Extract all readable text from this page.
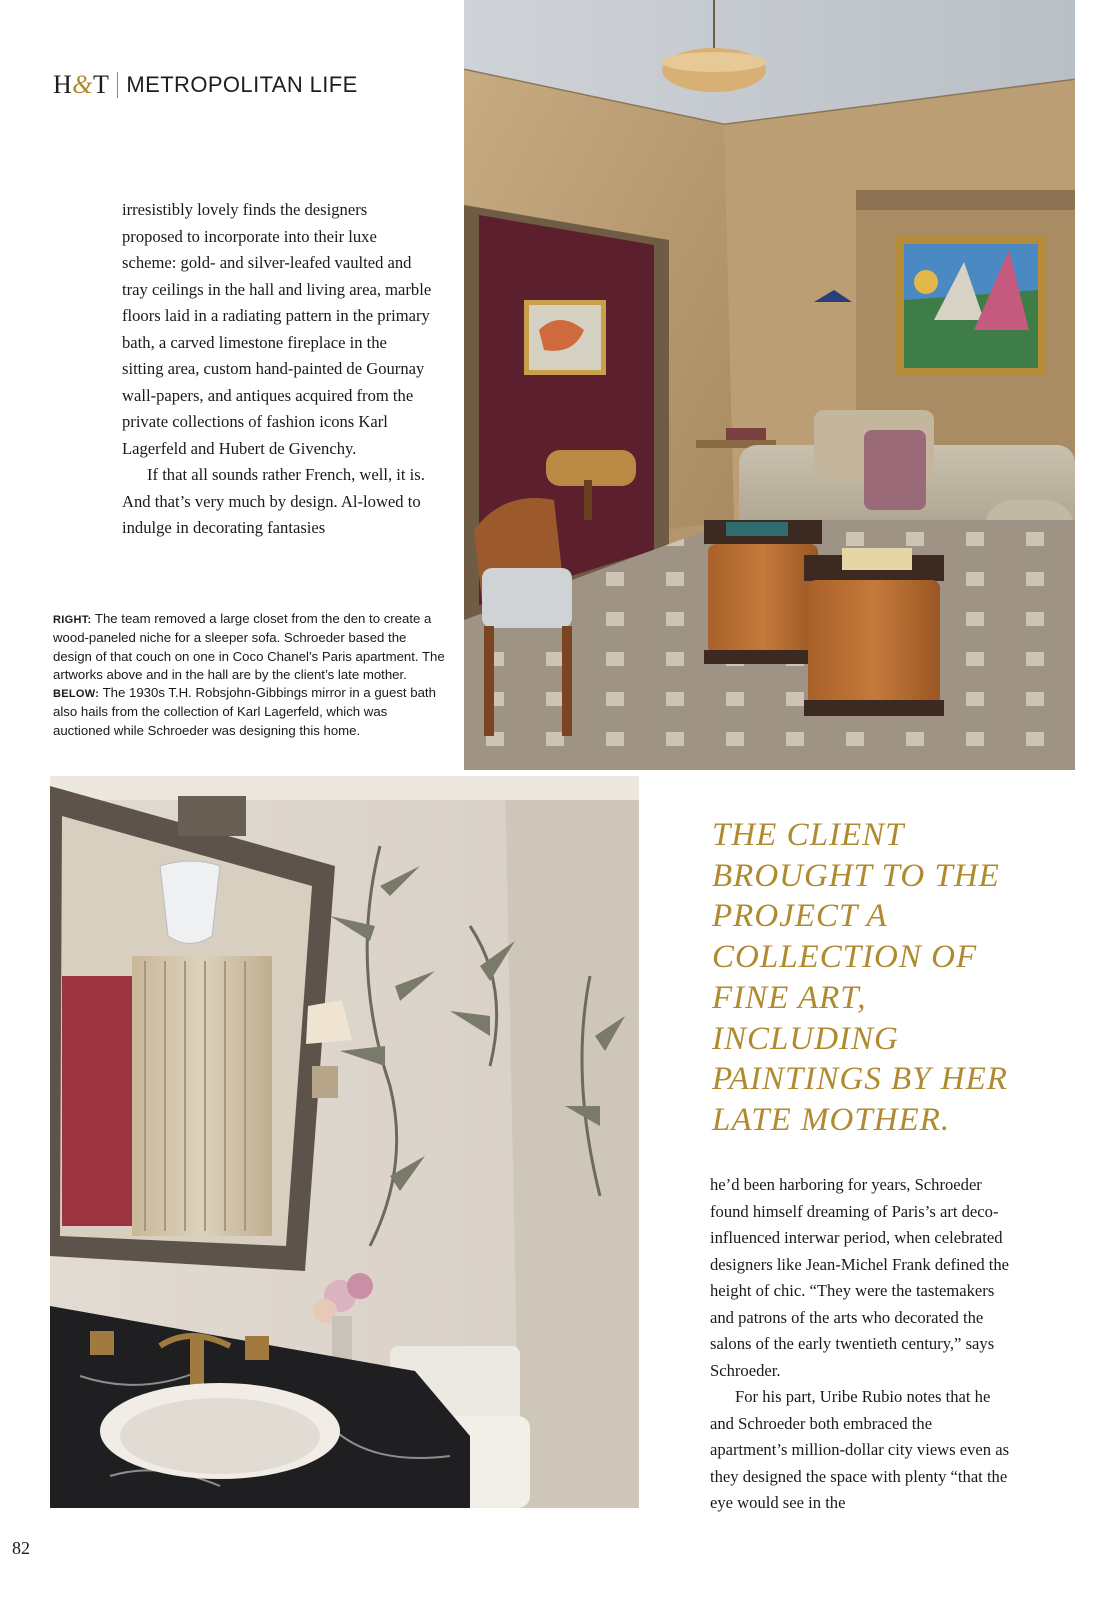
H&T METROPOLITAN LIFE

irresistibly lovely finds the designers proposed to incorporate into their luxe scheme: gold- and silver-leafed vaulted and tray ceilings in the hall and living area, marble floors laid in a radiating pattern in the primary bath, a carved limestone fireplace in the sitting area, custom hand-painted de Gournay wall-papers, and antiques acquired from the private collections of fashion icons Karl Lagerfeld and Hubert de Givenchy.

If that all sounds rather French, well, it is. And that’s very much by design. Al-lowed to indulge in decorating fantasies

RIGHT: The team removed a large closet from the den to create a wood-paneled niche for a sleeper sofa. Schroeder based the design of that couch on one in Coco Chanel’s Paris apartment. The artworks above and in the hall are by the client’s late mother. BELOW: The 1930s T.H. Robsjohn-Gibbings mirror in a guest bath also hails from the collection of Karl Lagerfeld, which was auctioned while Schroeder was designing this home.

THE CLIENT BROUGHT TO THE PROJECT A COLLECTION OF FINE ART, INCLUDING PAINTINGS BY HER LATE MOTHER.

he’d been harboring for years, Schroeder found himself dreaming of Paris’s art deco-influenced interwar period, when celebrated designers like Jean-Michel Frank defined the height of chic. “They were the tastemakers and patrons of the arts who decorated the salons of the early twentieth century,” says Schroeder.

For his part, Uribe Rubio notes that he and Schroeder both embraced the apartment’s million-dollar city views even as they designed the space with plenty “that the eye would see in the

82
